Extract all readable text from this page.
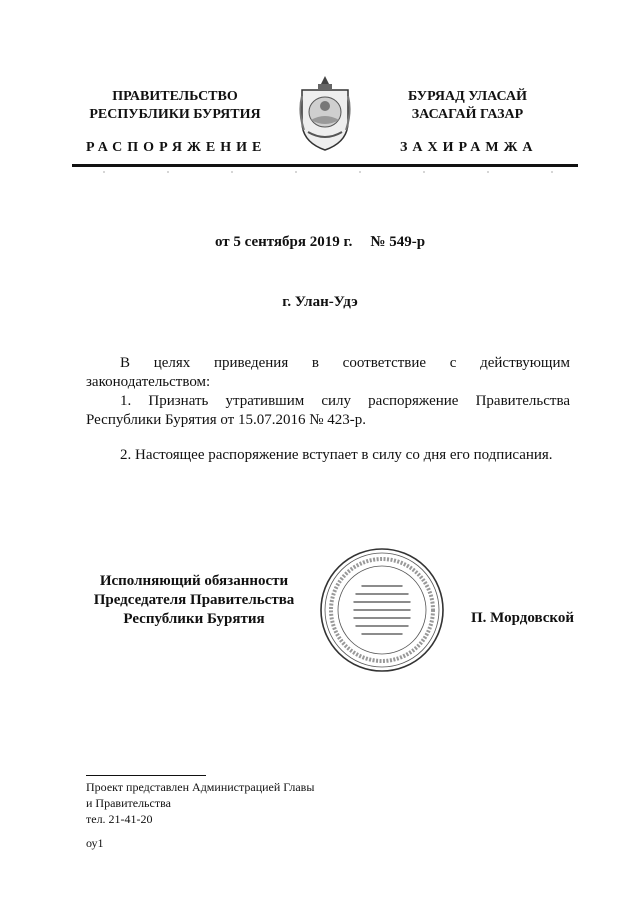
ПРАВИТЕЛЬСТВО
РЕСПУБЛИКИ БУРЯТИЯ
БУРЯАД УЛАСАЙ
ЗАСАГАЙ ГАЗАР
РАСПОРЯЖЕНИЕ	ЗАХИРАМЖА
от 5 сентября 2019 г. № 549-р
г. Улан-Удэ

В целях приведения в соответствие с действующим законодательством:

1. Признать утратившим силу распоряжение Правительства Республики Бурятия от 15.07.2016 № 423-р.

2. Настоящее распоряжение вступает в силу со дня его подписания.

Исполняющий обязанности
Председателя Правительства
Республики Бурятия	П. Мордовской
Проект представлен Администрацией Главы
и Правительства
тел. 21-41-20
оу1
